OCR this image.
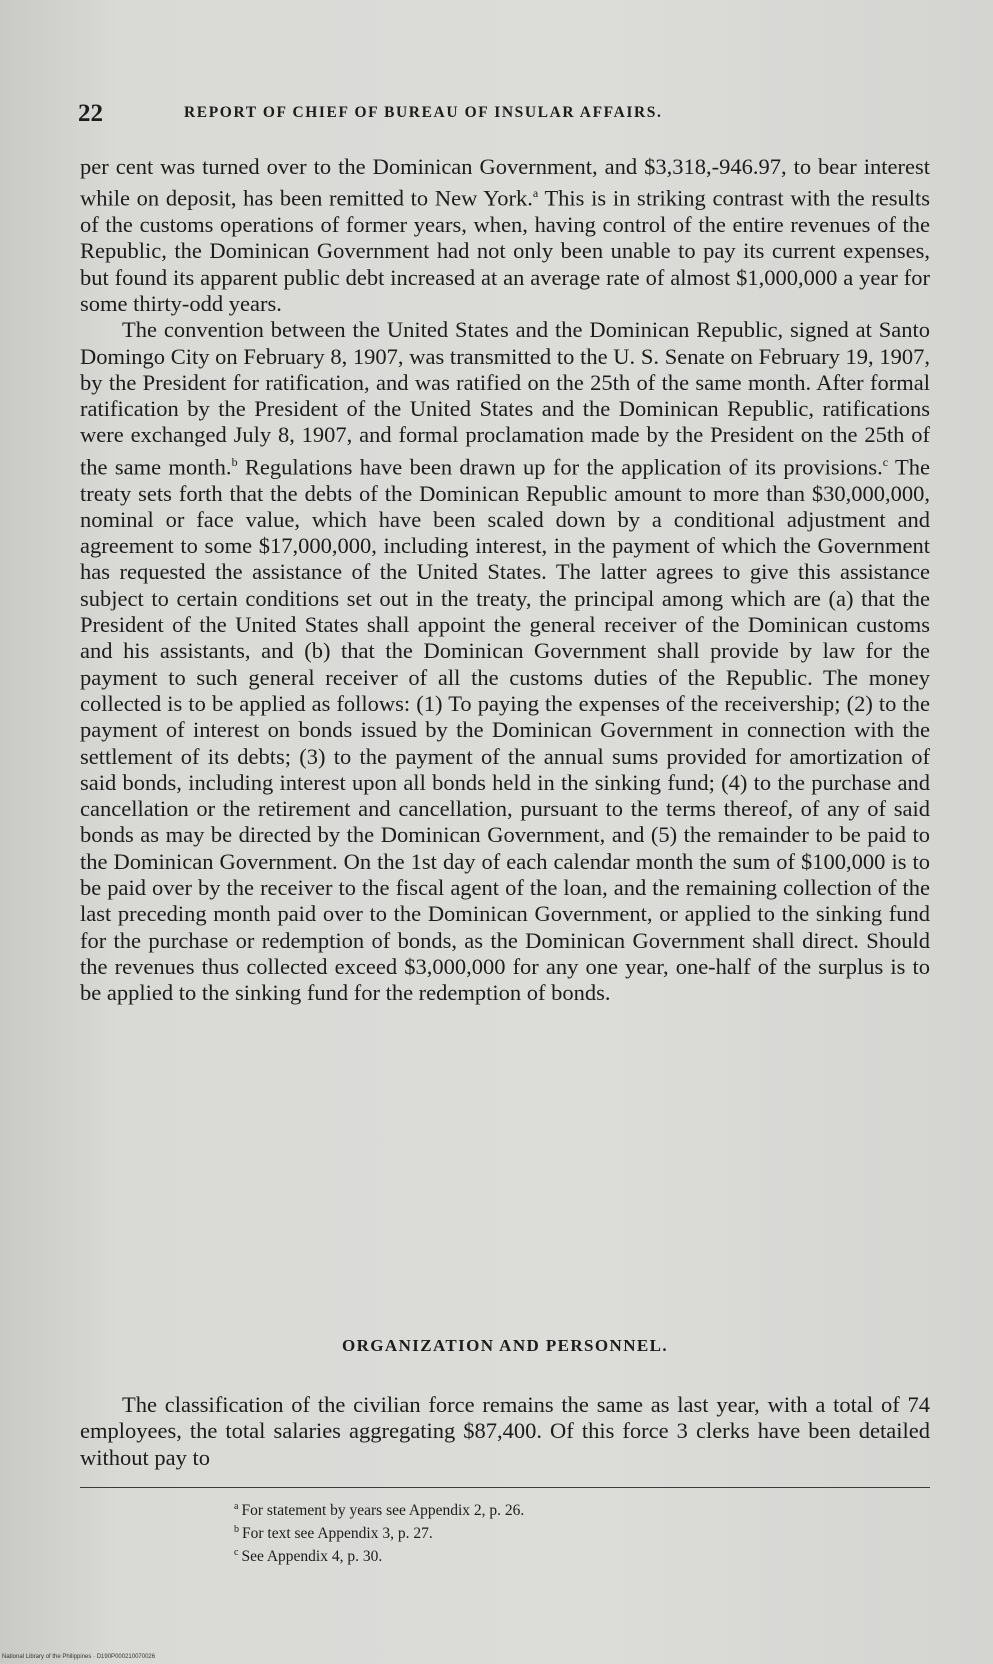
22	REPORT OF CHIEF OF BUREAU OF INSULAR AFFAIRS.

per cent was turned over to the Dominican Government, and $3,318,-946.97, to bear interest while on deposit, has been remitted to New York.$^a$ This is in striking contrast with the results of the customs operations of former years, when, having control of the entire revenues of the Republic, the Dominican Government had not only been unable to pay its current expenses, but found its apparent public debt increased at an average rate of almost $1,000,000 a year for some thirty-odd years.

The convention between the United States and the Dominican Republic, signed at Santo Domingo City on February 8, 1907, was transmitted to the U. S. Senate on February 19, 1907, by the President for ratification, and was ratified on the 25th of the same month. After formal ratification by the President of the United States and the Dominican Republic, ratifications were exchanged July 8, 1907, and formal proclamation made by the President on the 25th of the same month.$^b$ Regulations have been drawn up for the application of its provisions.$^c$ The treaty sets forth that the debts of the Dominican Republic amount to more than $30,000,000, nominal or face value, which have been scaled down by a conditional adjustment and agreement to some $17,000,000, including interest, in the payment of which the Government has requested the assistance of the United States. The latter agrees to give this assistance subject to certain conditions set out in the treaty, the principal among which are (a) that the President of the United States shall appoint the general receiver of the Dominican customs and his assistants, and (b) that the Dominican Government shall provide by law for the payment to such general receiver of all the customs duties of the Republic. The money collected is to be applied as follows: (1) To paying the expenses of the receivership; (2) to the payment of interest on bonds issued by the Dominican Government in connection with the settlement of its debts; (3) to the payment of the annual sums provided for amortization of said bonds, including interest upon all bonds held in the sinking fund; (4) to the purchase and cancellation or the retirement and cancellation, pursuant to the terms thereof, of any of said bonds as may be directed by the Dominican Government, and (5) the remainder to be paid to the Dominican Government. On the 1st day of each calendar month the sum of $100,000 is to be paid over by the receiver to the fiscal agent of the loan, and the remaining collection of the last preceding month paid over to the Dominican Government, or applied to the sinking fund for the purchase or redemption of bonds, as the Dominican Government shall direct. Should the revenues thus collected exceed $3,000,000 for any one year, one-half of the surplus is to be applied to the sinking fund for the redemption of bonds.

ORGANIZATION AND PERSONNEL.

The classification of the civilian force remains the same as last year, with a total of 74 employees, the total salaries aggregating $87,400. Of this force 3 clerks have been detailed without pay to

$^a$ For statement by years see Appendix 2, p. 26.
$^b$ For text see Appendix 3, p. 27.
$^c$ See Appendix 4, p. 30.
National Library of the Philippines · D190P000210070026
